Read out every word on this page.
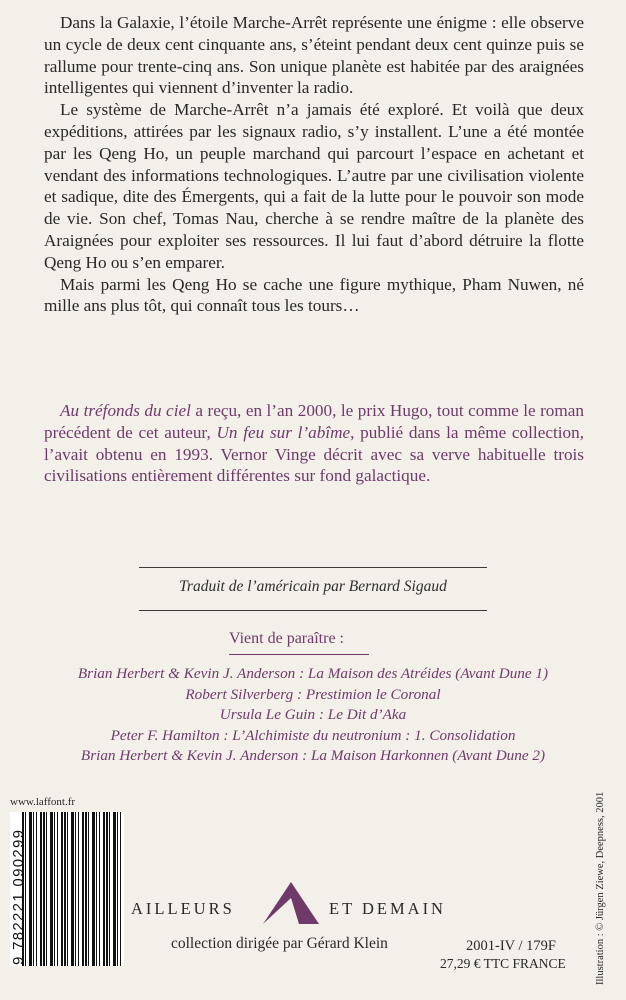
Dans la Galaxie, l’étoile Marche-Arrêt représente une énigme : elle observe un cycle de deux cent cinquante ans, s’éteint pendant deux cent quinze puis se rallume pour trente-cinq ans. Son unique planète est habitée par des araignées intelligentes qui viennent d’inventer la radio.

Le système de Marche-Arrêt n’a jamais été exploré. Et voilà que deux expéditions, attirées par les signaux radio, s’y installent. L’une a été montée par les Qeng Ho, un peuple marchand qui parcourt l’espace en achetant et vendant des informations technologiques. L’autre par une civilisation violente et sadique, dite des Émergents, qui a fait de la lutte pour le pouvoir son mode de vie. Son chef, Tomas Nau, cherche à se rendre maître de la planète des Araignées pour exploiter ses ressources. Il lui faut d’abord détruire la flotte Qeng Ho ou s’en emparer.

Mais parmi les Qeng Ho se cache une figure mythique, Pham Nuwen, né mille ans plus tôt, qui connaît tous les tours…

Au tréfonds du ciel a reçu, en l’an 2000, le prix Hugo, tout comme le roman précédent de cet auteur, Un feu sur l’abîme, publié dans la même collection, l’avait obtenu en 1993. Vernor Vinge décrit avec sa verve habituelle trois civilisations entièrement différentes sur fond galactique.

Traduit de l’américain par Bernard Sigaud
Vient de paraître :
Brian Herbert & Kevin J. Anderson : La Maison des Atréides (Avant Dune 1)
Robert Silverberg : Prestimion le Coronal
Ursula Le Guin : Le Dit d’Aka
Peter F. Hamilton : L’Alchimiste du neutronium : 1. Consolidation
Brian Herbert & Kevin J. Anderson : La Maison Harkonnen (Avant Dune 2)
www.laffont.fr
9 782221 090299	AILLEURS	ET DEMAIN
collection dirigée par Gérard Klein	2001-IV / 179F
27,29 € TTC FRANCE	Illustration : © Jürgen Ziewe, Deepness, 2001
